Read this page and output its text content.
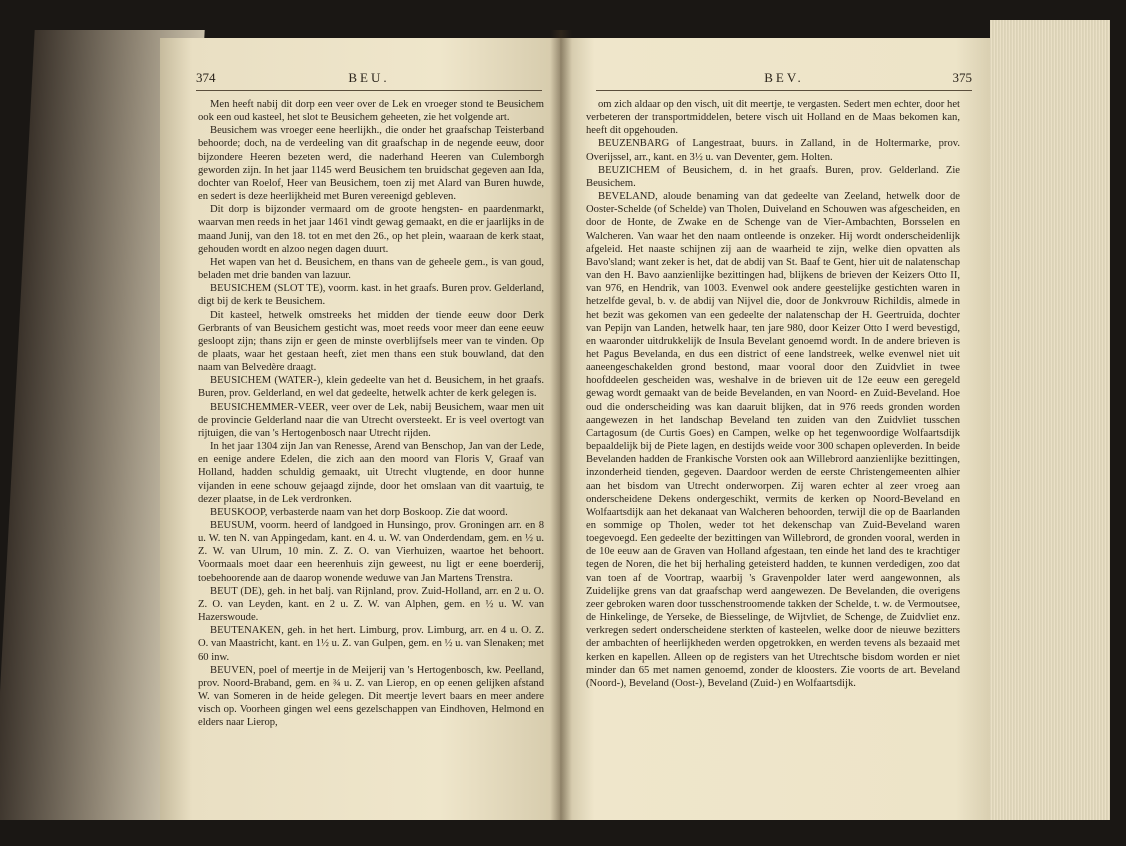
374	BEU.

Men heeft nabij dit dorp een veer over de Lek en vroeger stond te Beusichem ook een oud kasteel, het slot te Beusichem geheeten, zie het volgende art.

Beusichem was vroeger eene heerlijkh., die onder het graafschap Teisterband behoorde; doch, na de verdeeling van dit graafschap in de negende eeuw, door bijzondere Heeren bezeten werd, die naderhand Heeren van Culemborgh geworden zijn. In het jaar 1145 werd Beusichem ten bruidschat gegeven aan Ida, dochter van Roelof, Heer van Beusichem, toen zij met Alard van Buren huwde, en sedert is deze heerlijkheid met Buren vereenigd gebleven.

Dit dorp is bijzonder vermaard om de groote hengsten- en paardenmarkt, waarvan men reeds in het jaar 1461 vindt gewag gemaakt, en die er jaarlijks in de maand Junij, van den 18. tot en met den 26., op het plein, waaraan de kerk staat, gehouden wordt en alzoo negen dagen duurt.

Het wapen van het d. Beusichem, en thans van de geheele gem., is van goud, beladen met drie banden van lazuur.

BEUSICHEM (SLOT TE), voorm. kast. in het graafs. Buren prov. Gelderland, digt bij de kerk te Beusichem.

Dit kasteel, hetwelk omstreeks het midden der tiende eeuw door Derk Gerbrants of van Beusichem gesticht was, moet reeds voor meer dan eene eeuw gesloopt zijn; thans zijn er geen de minste overblijfsels meer van te vinden. Op de plaats, waar het gestaan heeft, ziet men thans een stuk bouwland, dat den naam van Belvedère draagt.

BEUSICHEM (WATER-), klein gedeelte van het d. Beusichem, in het graafs. Buren, prov. Gelderland, en wel dat gedeelte, hetwelk achter de kerk gelegen is.

BEUSICHEMMER-VEER, veer over de Lek, nabij Beusichem, waar men uit de provincie Gelderland naar die van Utrecht oversteekt. Er is veel overtogt van rijtuigen, die van 's Hertogenbosch naar Utrecht rijden.

In het jaar 1304 zijn Jan van Renesse, Arend van Benschop, Jan van der Lede, en eenige andere Edelen, die zich aan den moord van Floris V, Graaf van Holland, hadden schuldig gemaakt, uit Utrecht vlugtende, en door hunne vijanden in eene schouw gejaagd zijnde, door het omslaan van dit vaartuig, te dezer plaatse, in de Lek verdronken.

BEUSKOOP, verbasterde naam van het dorp Boskoop. Zie dat woord.

BEUSUM, voorm. heerd of landgoed in Hunsingo, prov. Groningen arr. en 8 u. W. ten N. van Appingedam, kant. en 4. u. W. van Onderdendam, gem. en ½ u. Z. W. van Ulrum, 10 min. Z. Z. O. van Vierhuizen, waartoe het behoort. Voormaals moet daar een heerenhuis zijn geweest, nu ligt er eene boerderij, toebehoorende aan de daarop wonende weduwe van Jan Martens Trenstra.

BEUT (DE), geh. in het balj. van Rijnland, prov. Zuid-Holland, arr. en 2 u. O. Z. O. van Leyden, kant. en 2 u. Z. W. van Alphen, gem. en ½ u. W. van Hazerswoude.

BEUTENAKEN, geh. in het hert. Limburg, prov. Limburg, arr. en 4 u. O. Z. O. van Maastricht, kant. en 1½ u. Z. van Gulpen, gem. en ½ u. van Slenaken; met 60 inw.

BEUVEN, poel of meertje in de Meijerij van 's Hertogenbosch, kw. Peelland, prov. Noord-Braband, gem. en ¾ u. Z. van Lierop, en op eenen gelijken afstand W. van Someren in de heide gelegen. Dit meertje levert baars en meer andere visch op. Voorheen gingen wel eens gezelschappen van Eindhoven, Helmond en elders naar Lierop,

BEV.	375

om zich aldaar op den visch, uit dit meertje, te vergasten. Sedert men echter, door het verbeteren der transportmiddelen, betere visch uit Holland en de Maas bekomen kan, heeft dit opgehouden.

BEUZENBARG of Langestraat, buurs. in Zalland, in de Holtermarke, prov. Overijssel, arr., kant. en 3½ u. van Deventer, gem. Holten.

BEUZICHEM of Beusichem, d. in het graafs. Buren, prov. Gelderland. Zie Beusichem.

BEVELAND, aloude benaming van dat gedeelte van Zeeland, hetwelk door de Ooster-Schelde (of Schelde) van Tholen, Duiveland en Schouwen was afgescheiden, en door de Honte, de Zwake en de Schenge van de Vier-Ambachten, Borsselen en Walcheren. Van waar het den naam ontleende is onzeker. Hij wordt onderscheidenlijk afgeleid. Het naaste schijnen zij aan de waarheid te zijn, welke dien opvatten als Bavo'sland; want zeker is het, dat de abdij van St. Baaf te Gent, hier uit de nalatenschap van den H. Bavo aanzienlijke bezittingen had, blijkens de brieven der Keizers Otto II, van 976, en Hendrik, van 1003. Evenwel ook andere geestelijke gestichten waren in hetzelfde geval, b. v. de abdij van Nijvel die, door de Jonkvrouw Richildis, almede in het bezit was gekomen van een gedeelte der nalatenschap der H. Geertruida, dochter van Pepijn van Landen, hetwelk haar, ten jare 980, door Keizer Otto I werd bevestigd, en waaronder uitdrukkelijk de Insula Bevelant genoemd wordt. In de andere brieven is het Pagus Bevelanda, en dus een district of eene landstreek, welke evenwel niet uit aaneengeschakelden grond bestond, maar vooral door den Zuidvliet in twee hoofddeelen gescheiden was, weshalve in de brieven uit de 12e eeuw een geregeld gewag wordt gemaakt van de beide Bevelanden, en van Noord- en Zuid-Beveland. Hoe oud die onderscheiding was kan daaruit blijken, dat in 976 reeds gronden worden aangewezen in het landschap Beveland ten zuiden van den Zuidvliet tusschen Cartagosum (de Curtis Goes) en Campen, welke op het tegenwoordige Wolfaartsdijk bepaaldelijk bij de Piete lagen, en destijds weide voor 300 schapen opleverden. In beide Bevelanden hadden de Frankische Vorsten ook aan Willebrord aanzienlijke bezittingen, inzonderheid tienden, gegeven. Daardoor werden de eerste Christengemeenten alhier aan het bisdom van Utrecht onderworpen. Zij waren echter al zeer vroeg aan onderscheidene Dekens ondergeschikt, vermits de kerken op Noord-Beveland en Wolfaartsdijk aan het dekanaat van Walcheren behoorden, terwijl die op de Baarlanden en sommige op Tholen, weder tot het dekenschap van Zuid-Beveland waren toegevoegd. Een gedeelte der bezittingen van Willebrord, de gronden vooral, werden in de 10e eeuw aan de Graven van Holland afgestaan, ten einde het land des te krachtiger tegen de Noren, die het bij herhaling geteisterd hadden, te kunnen verdedigen, zoo dat van toen af de Voortrap, waarbij 's Gravenpolder later werd aangewonnen, als Zuidelijke grens van dat graafschap werd aangewezen. De Bevelanden, die overigens zeer gebroken waren door tusschenstroomende takken der Schelde, t. w. de Vermoutsee, de Hinkelinge, de Yerseke, de Biesselinge, de Wijtvliet, de Schenge, de Zuidvliet enz. verkregen sedert onderscheidene sterkten of kasteelen, welke door de nieuwe bezitters der ambachten of heerlijkheden werden opgetrokken, en werden tevens als bezaaid met kerken en kapellen. Alleen op de registers van het Utrechtsche bisdom worden er niet minder dan 65 met namen genoemd, zonder de kloosters. Zie voorts de art. Beveland (Noord-), Beveland (Oost-), Beveland (Zuid-) en Wolfaartsdijk.
